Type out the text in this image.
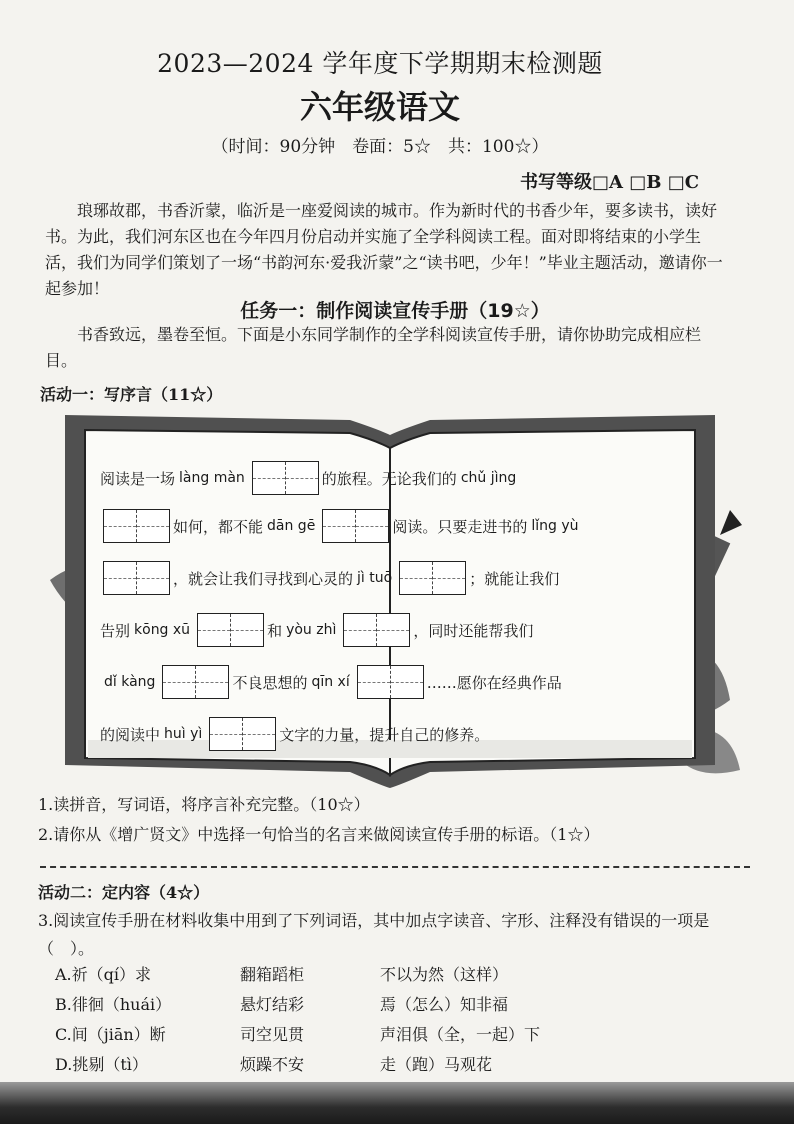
2023—2024 学年度下学期期末检测题
六年级语文
（时间：90分钟　卷面：5☆　共：100☆）
书写等级□A □B □C
琅琊故郡，书香沂蒙，临沂是一座爱阅读的城市。作为新时代的书香少年，要多读书，读好书。为此，我们河东区也在今年四月份启动并实施了全学科阅读工程。面对即将结束的小学生活，我们为同学们策划了一场“书韵河东·爱我沂蒙”之“读书吧，少年！”毕业主题活动，邀请你一起参加！
任务一：制作阅读宣传手册（19☆）
书香致远，墨卷至恒。下面是小东同学制作的全学科阅读宣传手册，请你协助完成相应栏目。
活动一：写序言（11☆）
阅读是一场 làng màn	的旅程。无论我们的 chǔ jìng
如何，都不能 dān gē	阅读。只要走进书的 lǐng yù
，就会让我们寻找到心灵的 jì tuō	；就能让我们
告别 kōng xū	和 yòu zhì	，同时还能帮我们
dǐ kàng	不良思想的 qīn xí	……愿你在经典作品
的阅读中 huì yì	文字的力量，提升自己的修养。
1.读拼音，写词语，将序言补充完整。（10☆）
2.请你从《增广贤文》中选择一句恰当的名言来做阅读宣传手册的标语。（1☆）
活动二：定内容（4☆）
3.阅读宣传手册在材料收集中用到了下列词语，其中加点字读音、字形、注释没有错误的一项是（　）。
A.祈（qí）求	翻箱蹈柜	不以为然（这样）
B.徘徊（huái）	悬灯结彩	焉（怎么）知非福
C.间（jiān）断	司空见贯	声泪俱（全，一起）下
D.挑剔（tì）	烦躁不安	走（跑）马观花
